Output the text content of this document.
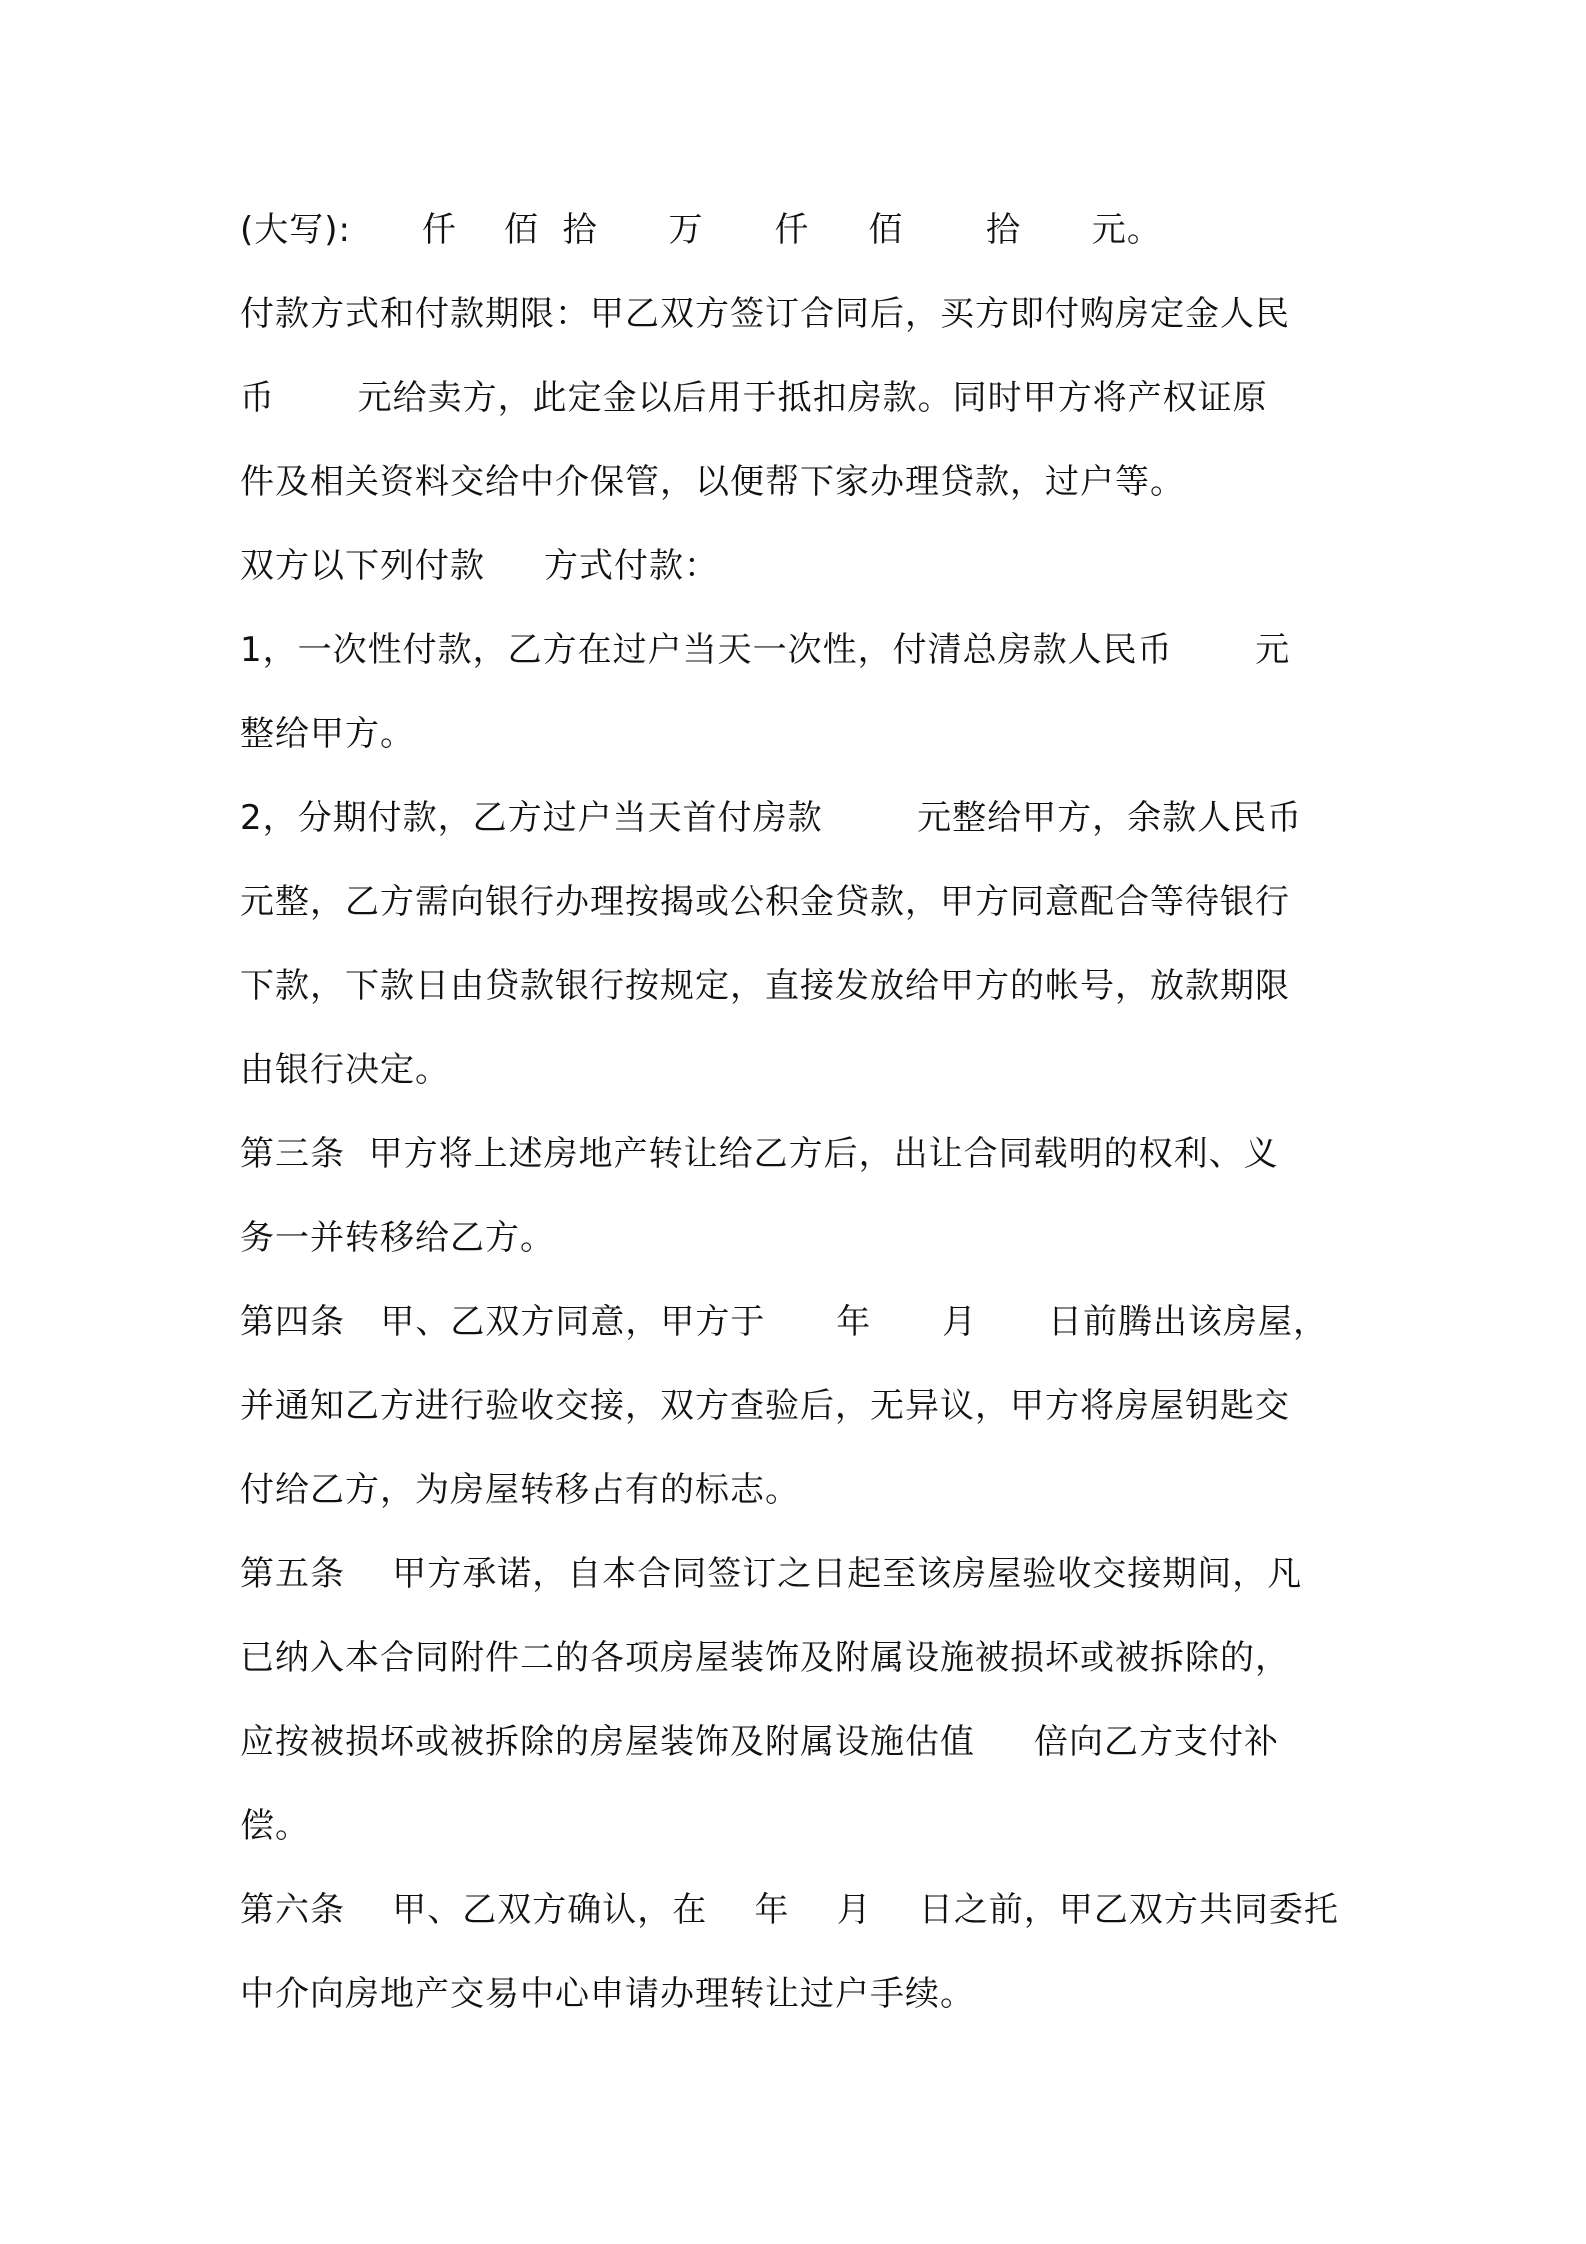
(大写):      仟    佰  拾      万      仟     佰       拾      元。
付款方式和付款期限：甲乙双方签订合同后，买方即付购房定金人民
币       元给卖方，此定金以后用于抵扣房款。同时甲方将产权证原
件及相关资料交给中介保管，以便帮下家办理贷款，过户等。
双方以下列付款     方式付款：
1，一次性付款，乙方在过户当天一次性，付清总房款人民币       元
整给甲方。
2，分期付款，乙方过户当天首付房款        元整给甲方，余款人民币
元整，乙方需向银行办理按揭或公积金贷款，甲方同意配合等待银行
下款，下款日由贷款银行按规定，直接发放给甲方的帐号，放款期限
由银行决定。
第三条  甲方将上述房地产转让给乙方后，出让合同载明的权利、义
务一并转移给乙方。
第四条   甲、乙双方同意，甲方于      年      月      日前腾出该房屋，
并通知乙方进行验收交接，双方查验后，无异议，甲方将房屋钥匙交
付给乙方，为房屋转移占有的标志。
第五条    甲方承诺，自本合同签订之日起至该房屋验收交接期间，凡
已纳入本合同附件二的各项房屋装饰及附属设施被损坏或被拆除的，
应按被损坏或被拆除的房屋装饰及附属设施估值     倍向乙方支付补
偿。
第六条    甲、乙双方确认，在    年    月    日之前，甲乙双方共同委托
中介向房地产交易中心申请办理转让过户手续。
